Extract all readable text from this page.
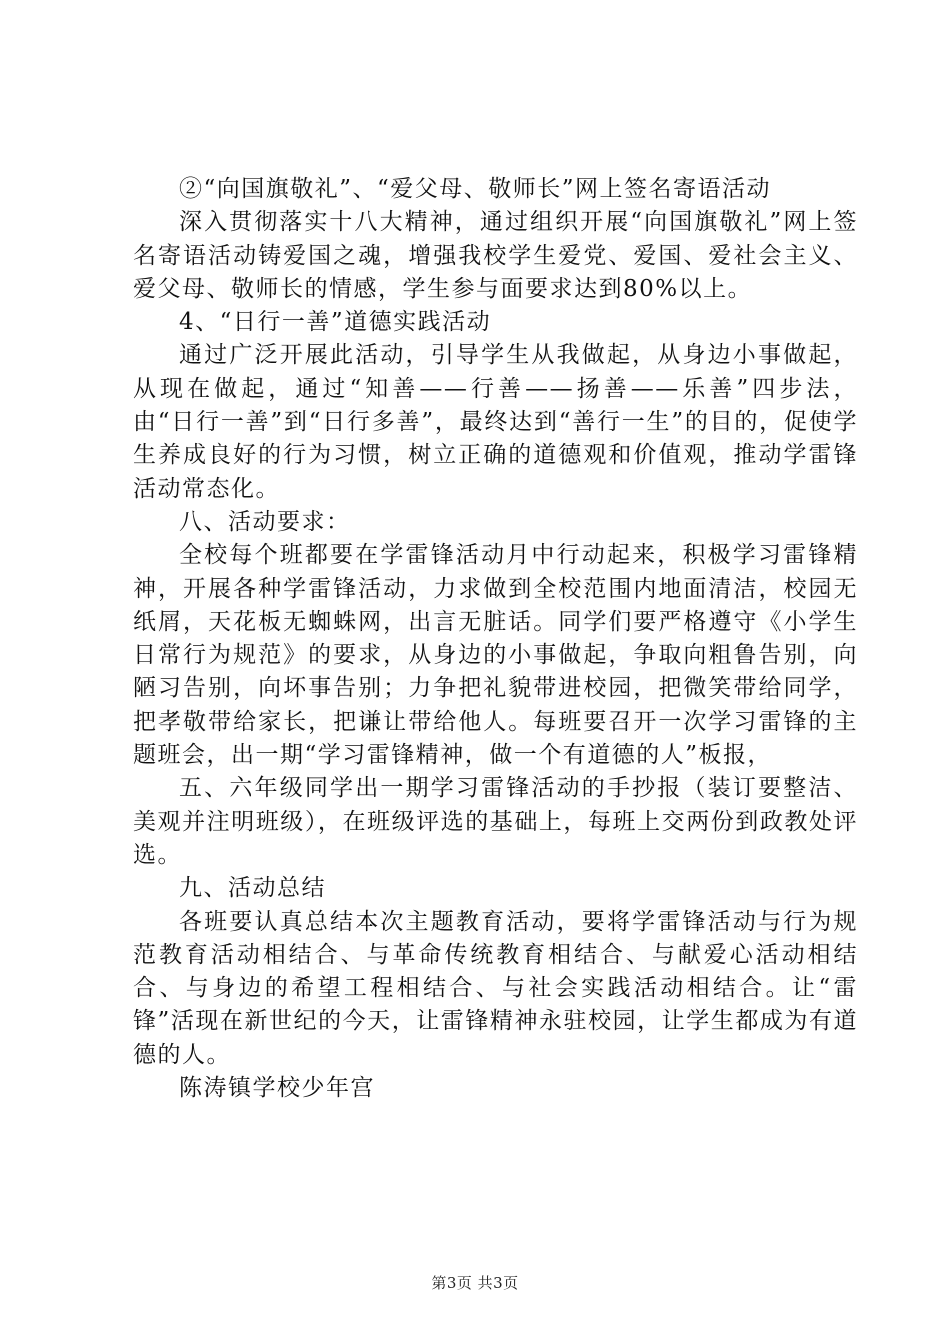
②“向国旗敬礼”、“爱父母、敬师长”网上签名寄语活动

深入贯彻落实十八大精神，通过组织开展“向国旗敬礼”网上签名寄语活动铸爱国之魂，增强我校学生爱党、爱国、爱社会主义、爱父母、敬师长的情感，学生参与面要求达到80%以上。

4、“日行一善”道德实践活动

通过广泛开展此活动，引导学生从我做起，从身边小事做起，从现在做起，通过“知善——行善——扬善——乐善”四步法，由“日行一善”到“日行多善”，最终达到“善行一生”的目的，促使学生养成良好的行为习惯，树立正确的道德观和价值观，推动学雷锋活动常态化。

八、活动要求：

全校每个班都要在学雷锋活动月中行动起来，积极学习雷锋精神，开展各种学雷锋活动，力求做到全校范围内地面清洁，校园无纸屑，天花板无蜘蛛网，出言无脏话。同学们要严格遵守《小学生日常行为规范》的要求，从身边的小事做起，争取向粗鲁告别，向陋习告别，向坏事告别；力争把礼貌带进校园，把微笑带给同学，把孝敬带给家长，把谦让带给他人。每班要召开一次学习雷锋的主题班会，出一期“学习雷锋精神，做一个有道德的人”板报，

五、六年级同学出一期学习雷锋活动的手抄报（装订要整洁、美观并注明班级），在班级评选的基础上，每班上交两份到政教处评选。

九、活动总结

各班要认真总结本次主题教育活动，要将学雷锋活动与行为规范教育活动相结合、与革命传统教育相结合、与献爱心活动相结合、与身边的希望工程相结合、与社会实践活动相结合。让“雷锋”活现在新世纪的今天，让雷锋精神永驻校园，让学生都成为有道德的人。

陈涛镇学校少年宫

第3页 共3页
